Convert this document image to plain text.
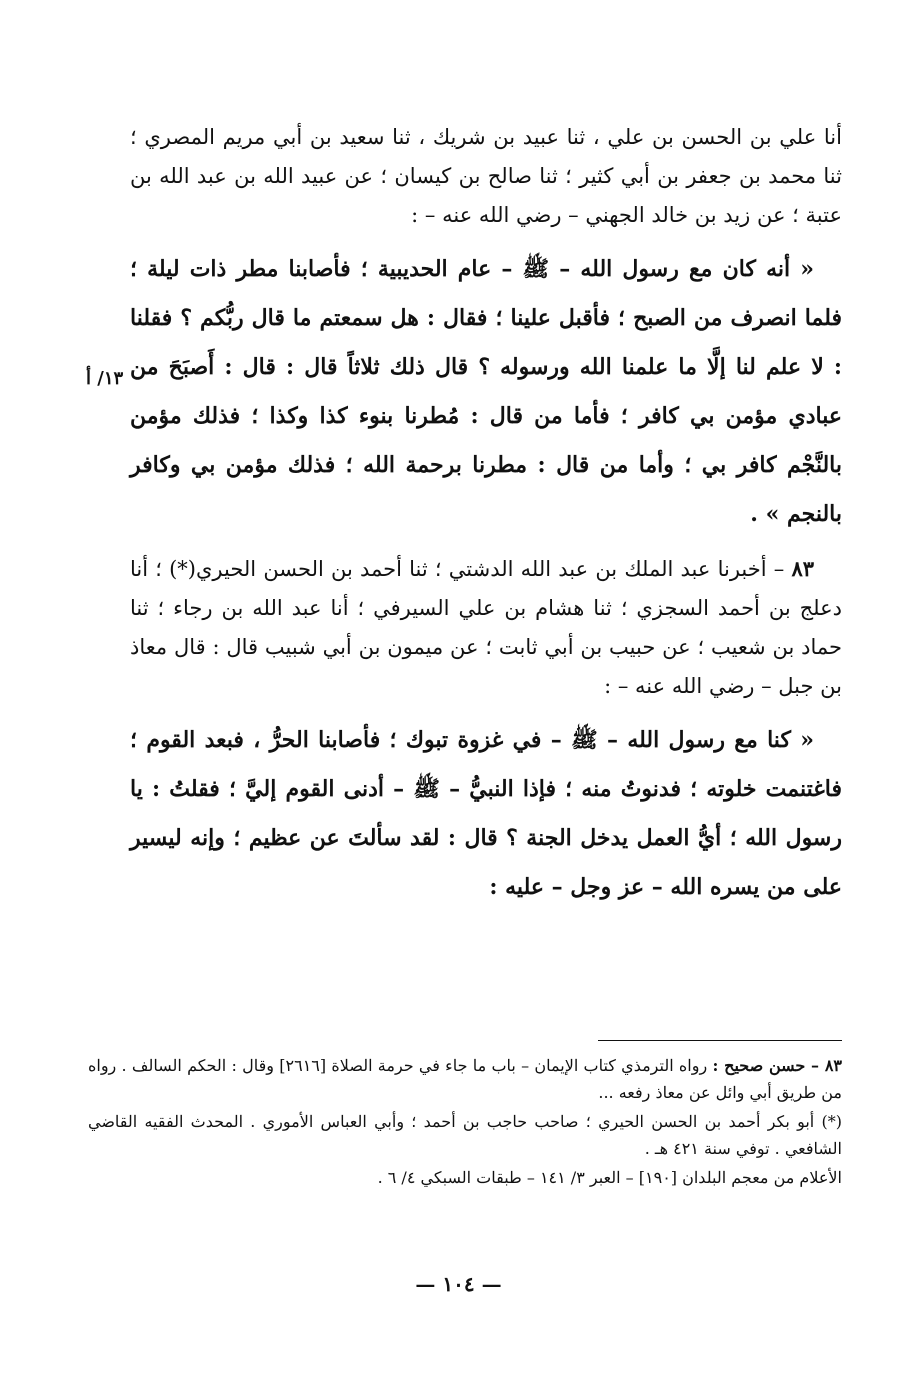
أنا علي بن الحسن بن علي ، ثنا عبيد بن شريك ، ثنا سعيد بن أبي مريم المصري ؛ ثنا محمد بن جعفر بن أبي كثير ؛ ثنا صالح بن كيسان ؛ عن عبيد الله بن عبد الله بن عتبة ؛ عن زيد بن خالد الجهني – رضي الله عنه – :

« أنه كان مع رسول الله – ﷺ – عام الحديبية ؛ فأصابنا مطر ذات ليلة ؛ فلما انصرف من الصبح ؛ فأقبل علينا ؛ فقال : هل سمعتم ما قال ربُّكم ؟ فقلنا : لا علم لنا إلَّا ما علمنا الله ورسوله ؟ قال ذلك ثلاثاً قال : قال : أَصبَحَ من عبادي مؤمن بي كافر ؛ فأما من قال : مُطرنا بنوء كذا وكذا ؛ فذلك مؤمن بالنَّجْم كافر بي ؛ وأما من قال : مطرنا برحمة الله ؛ فذلك مؤمن بي وكافر بالنجم » .

٨٣ – أخبرنا عبد الملك بن عبد الله الدشتي ؛ ثنا أحمد بن الحسن الحيري(*) ؛ أنا دعلج بن أحمد السجزي ؛ ثنا هشام بن علي السيرفي ؛ أنا عبد الله بن رجاء ؛ ثنا حماد بن شعيب ؛ عن حبيب بن أبي ثابت ؛ عن ميمون بن أبي شبيب قال : قال معاذ بن جبل – رضي الله عنه – :

« كنا مع رسول الله – ﷺ – في غزوة تبوك ؛ فأصابنا الحرُّ ، فبعد القوم ؛ فاغتنمت خلوته ؛ فدنوتُ منه ؛ فإذا النبيُّ – ﷺ – أدنى القوم إليَّ ؛ فقلتُ : يا رسول الله ؛ أيُّ العمل يدخل الجنة ؟ قال : لقد سألتَ عن عظيم ؛ وإنه ليسير على من يسره الله – عز وجل – عليه :

١٣/ أ

٨٣ – حسن صحيح : رواه الترمذي كتاب الإيمان – باب ما جاء في حرمة الصلاة [٢٦١٦] وقال : الحكم السالف . رواه من طريق أبي وائل عن معاذ رفعه ...

(*) أبو بكر أحمد بن الحسن الحيري ؛ صاحب حاجب بن أحمد ؛ وأبي العباس الأموري . المحدث الفقيه القاضي الشافعي . توفي سنة ٤٢١ هـ .

الأعلام من معجم البلدان [١٩٠] – العبر ٣/ ١٤١ – طبقات السبكي ٤/ ٦ .

— ١٠٤ —
